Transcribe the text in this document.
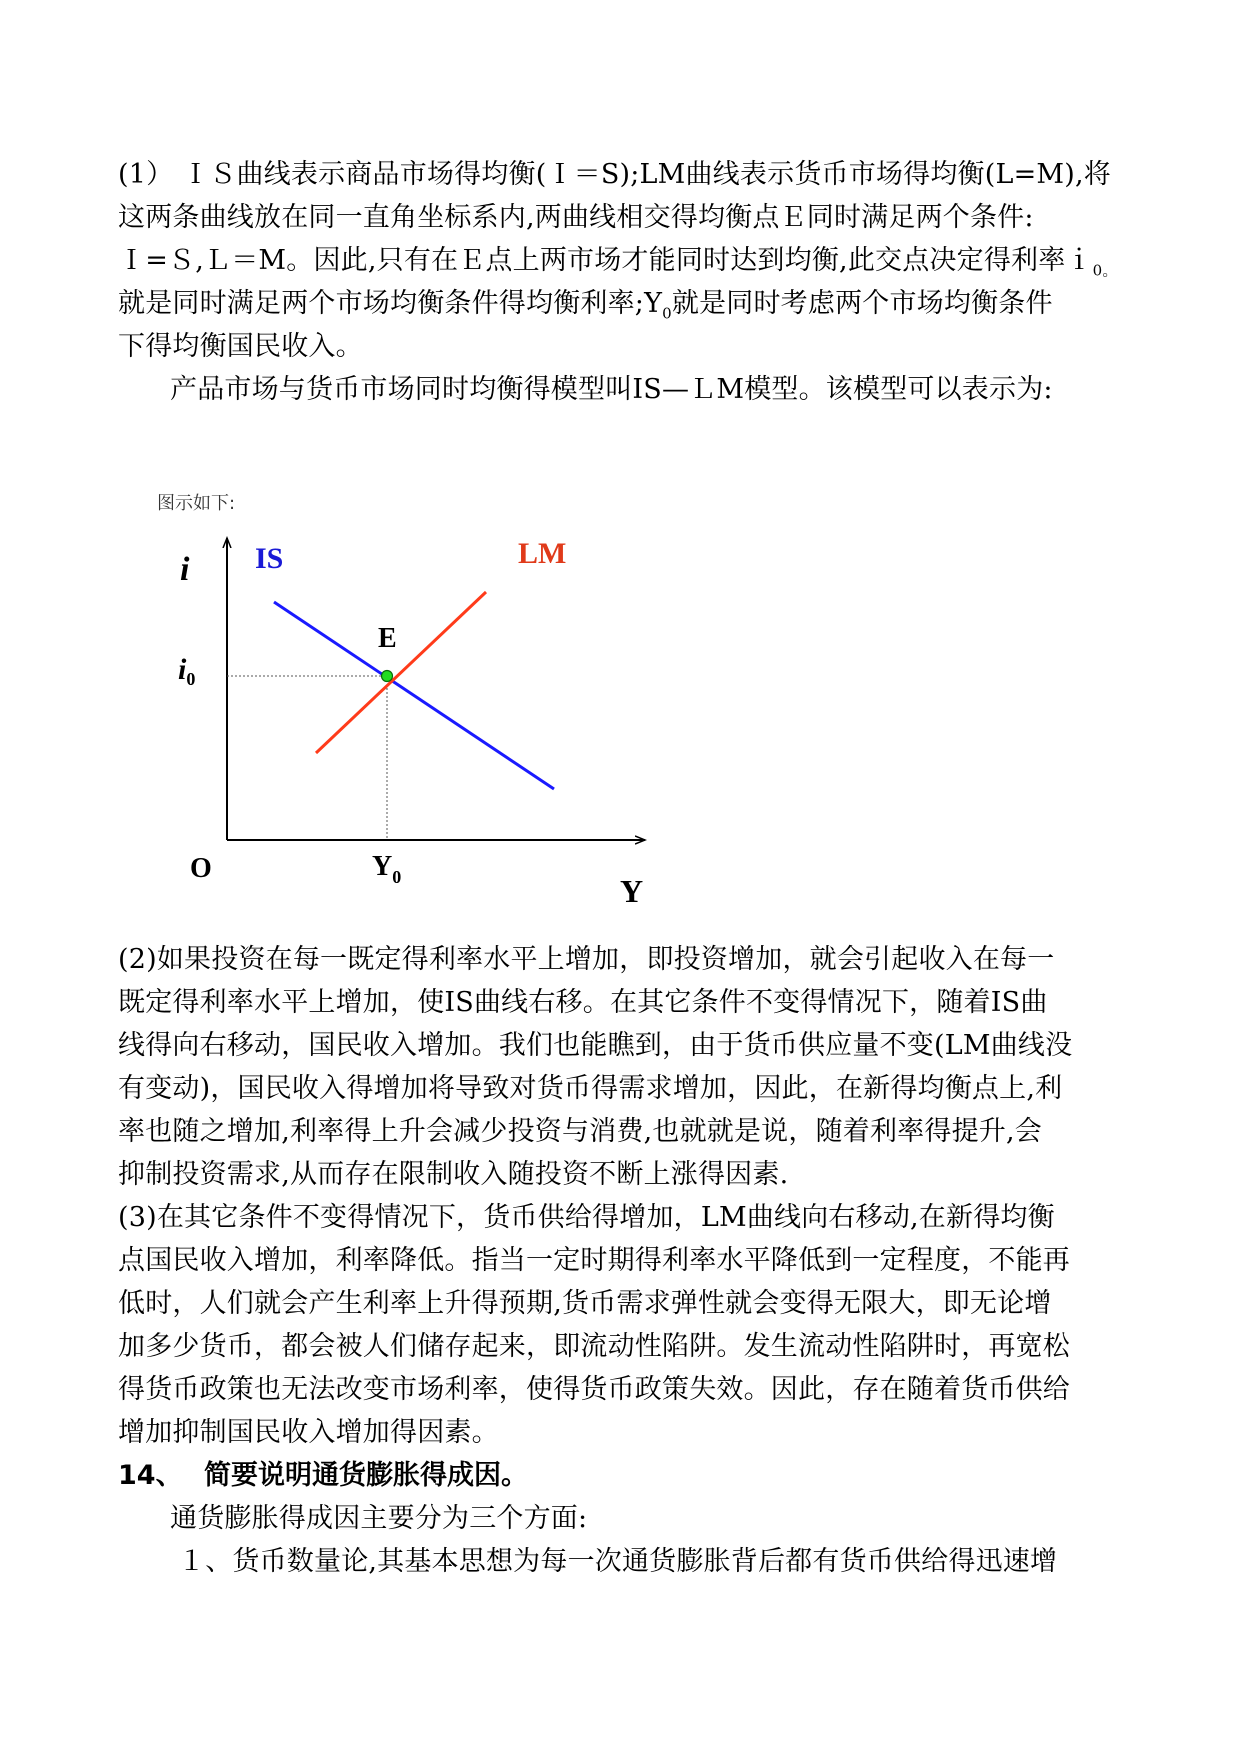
(1） ＩＳ曲线表示商品市场得均衡(Ｉ＝S);LM曲线表示货币市场得均衡(L=M),将
这两条曲线放在同一直角坐标系内,两曲线相交得均衡点Ｅ同时满足两个条件:
Ｉ=Ｓ,Ｌ＝M。因此,只有在Ｅ点上两市场才能同时达到均衡,此交点决定得利率ｉ$_{0。}$
就是同时满足两个市场均衡条件得均衡利率$;Y_0$就是同时考虑两个市场均衡条件
下得均衡国民收入。
产品市场与货币市场同时均衡得模型叫IS—ＬM模型。该模型可以表示为:
图示如下:
i IS	LM
E
$i_0$
O	$Y_0$	Y
(2)如果投资在每一既定得利率水平上增加，即投资增加，就会引起收入在每一
既定得利率水平上增加，使IS曲线右移。在其它条件不变得情况下，随着IS曲
线得向右移动，国民收入增加。我们也能瞧到，由于货币供应量不变(LM曲线没
有变动)，国民收入得增加将导致对货币得需求增加，因此，在新得均衡点上,利
率也随之增加,利率得上升会减少投资与消费,也就就是说，随着利率得提升,会
抑制投资需求,从而存在限制收入随投资不断上涨得因素.
(3)在其它条件不变得情况下，货币供给得增加，LM曲线向右移动,在新得均衡
点国民收入增加，利率降低。指当一定时期得利率水平降低到一定程度，不能再
低时，人们就会产生利率上升得预期,货币需求弹性就会变得无限大，即无论增
加多少货币，都会被人们储存起来，即流动性陷阱。发生流动性陷阱时，再宽松
得货币政策也无法改变市场利率，使得货币政策失效。因此，存在随着货币供给
增加抑制国民收入增加得因素。
14、 简要说明通货膨胀得成因。
通货膨胀得成因主要分为三个方面:
１、货币数量论,其基本思想为每一次通货膨胀背后都有货币供给得迅速增
